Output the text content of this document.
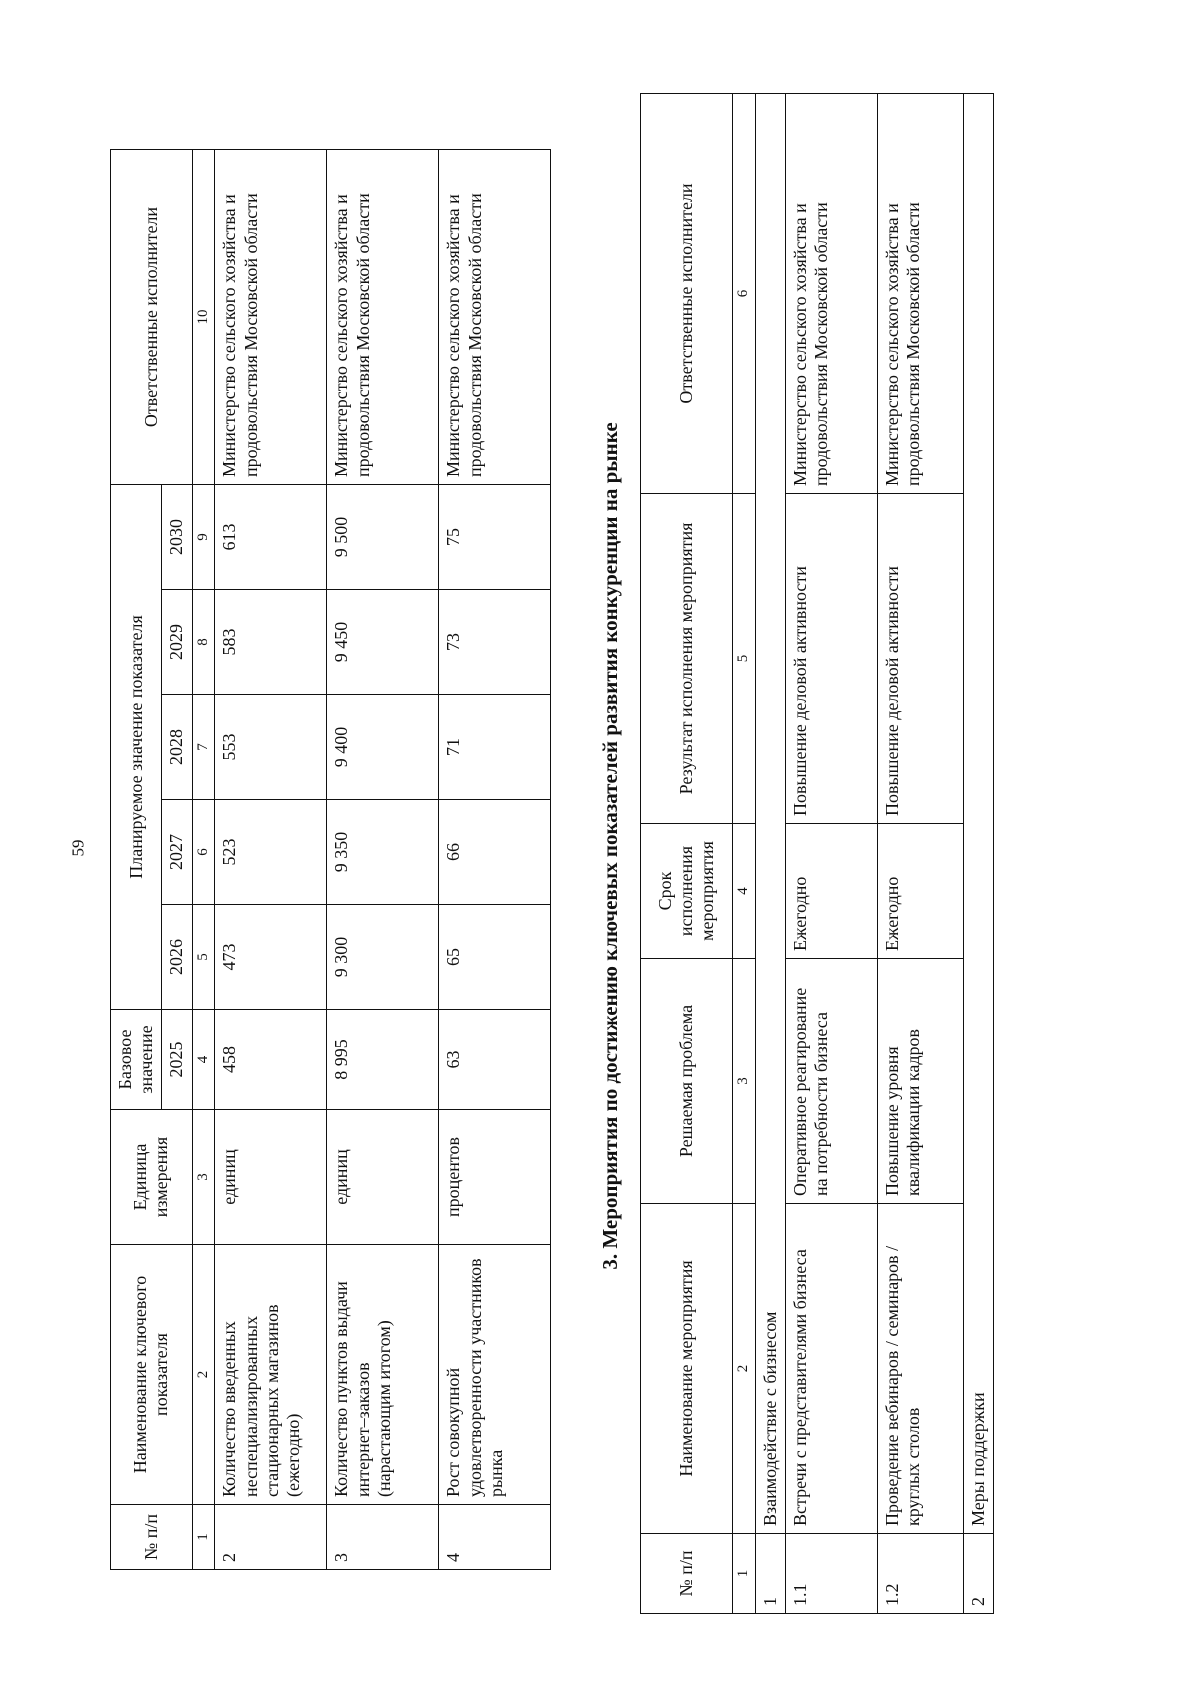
59
№ п/п	Наименование ключевого показателя	Единица измерения	Базовое значение	Планируемое значение показателя					Ответственные исполнители
			2025	2026	2027	2028	2029	2030	
1	2	3	4	5	6	7	8	9	10
2	Количество введенных неспециализированных стационарных магазинов (ежегодно)	единиц	458	473	523	553	583	613	Министерство сельского хозяйства и продовольствия Московской области
3	Количество пунктов выдачи интернет–заказов (нарастающим итогом)	единиц	8 995	9 300	9 350	9 400	9 450	9 500	Министерство сельского хозяйства и продовольствия Московской области
4	Рост совокупной удовлетворенности участников рынка	процентов	63	65	66	71	73	75	Министерство сельского хозяйства и продовольствия Московской области
3. Мероприятия по достижению ключевых показателей развития конкуренции на рынке
№ п/п	Наименование мероприятия	Решаемая проблема	Срок исполнения мероприятия	Результат исполнения мероприятия	Ответственные исполнители
1	2	3	4	5	6
1	Взаимодействие с бизнесом				
1.1	Встречи с представителями бизнеса	Оперативное реагирование на потребности бизнеса	Ежегодно	Повышение деловой активности	Министерство сельского хозяйства и продовольствия Московской области
1.2	Проведение вебинаров / семинаров / круглых столов	Повышение уровня квалификации кадров	Ежегодно	Повышение деловой активности	Министерство сельского хозяйства и продовольствия Московской области
2	Меры поддержки				
